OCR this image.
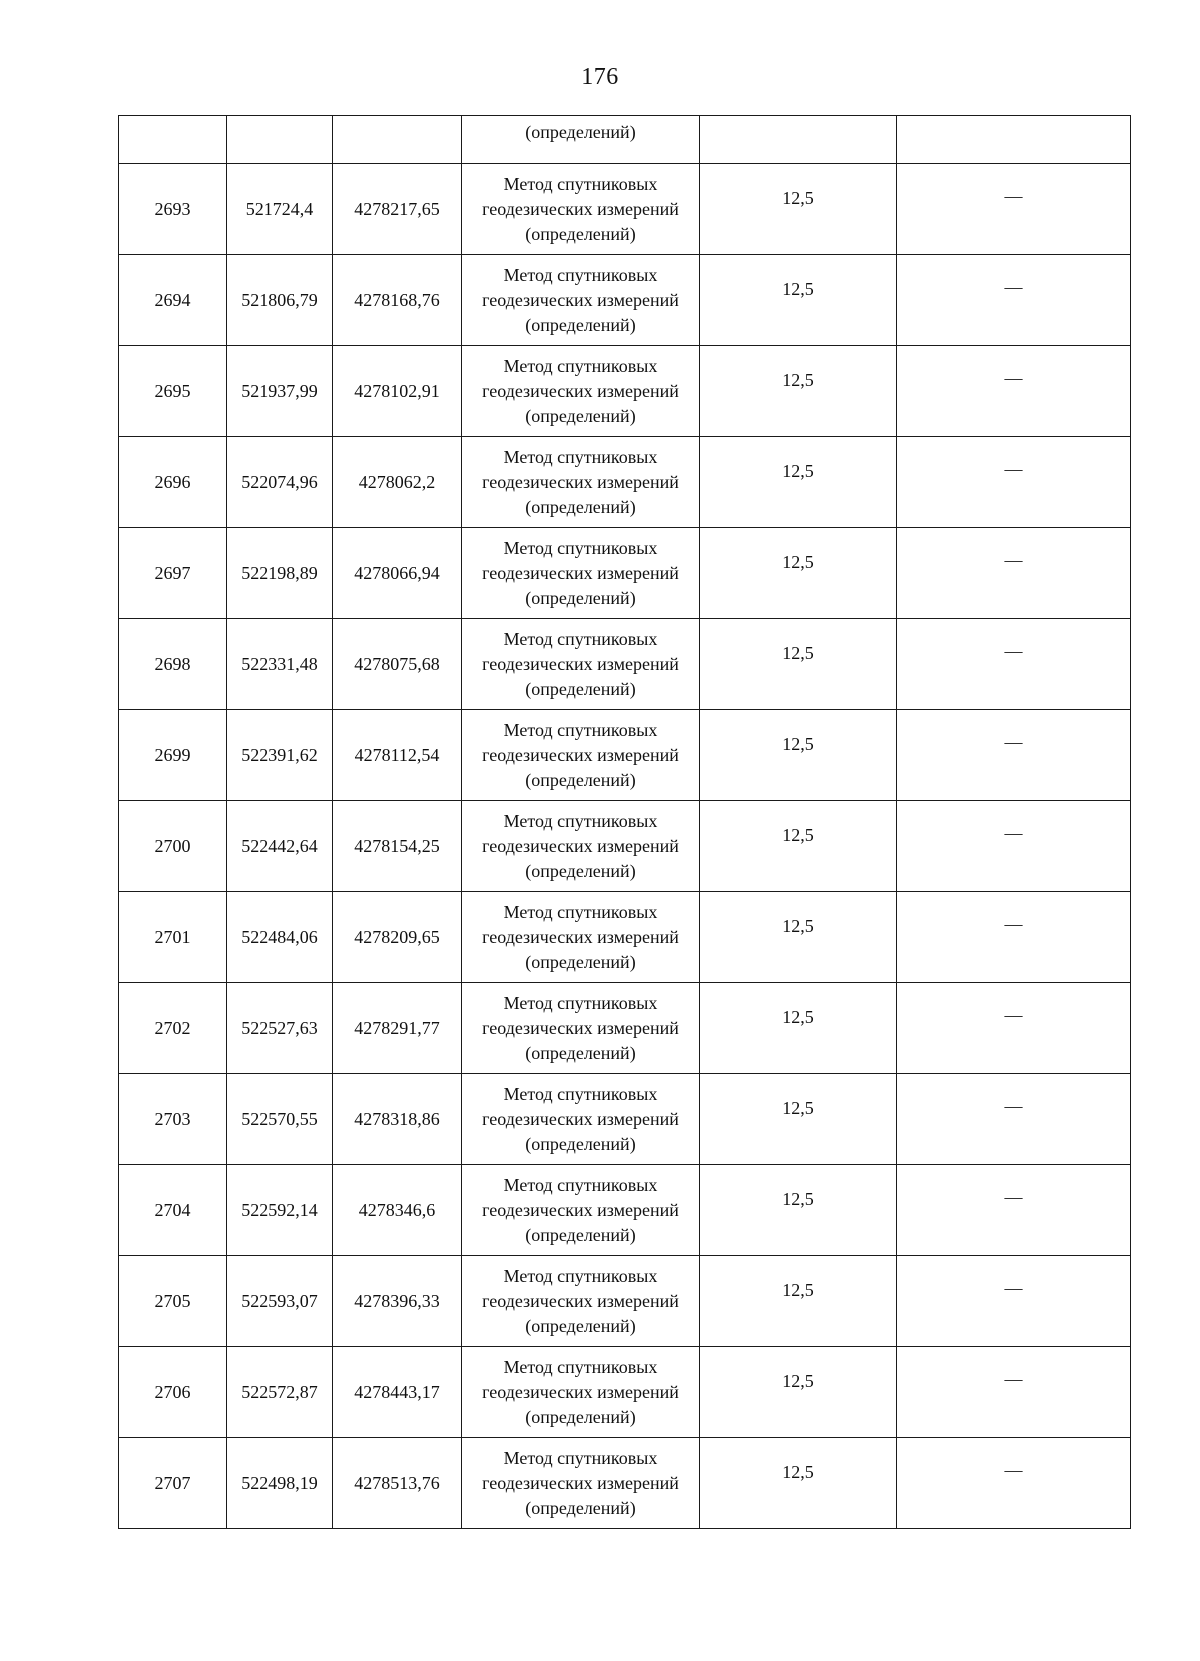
176

			(определений)		

2693	521724,4	4278217,65	Метод спутниковых
геодезических измерений
(определений)	12,5	—

2694	521806,79	4278168,76	Метод спутниковых
геодезических измерений
(определений)	12,5	—

2695	521937,99	4278102,91	Метод спутниковых
геодезических измерений
(определений)	12,5	—

2696	522074,96	4278062,2	Метод спутниковых
геодезических измерений
(определений)	12,5	—

2697	522198,89	4278066,94	Метод спутниковых
геодезических измерений
(определений)	12,5	—

2698	522331,48	4278075,68	Метод спутниковых
геодезических измерений
(определений)	12,5	—

2699	522391,62	4278112,54	Метод спутниковых
геодезических измерений
(определений)	12,5	—

2700	522442,64	4278154,25	Метод спутниковых
геодезических измерений
(определений)	12,5	—

2701	522484,06	4278209,65	Метод спутниковых
геодезических измерений
(определений)	12,5	—

2702	522527,63	4278291,77	Метод спутниковых
геодезических измерений
(определений)	12,5	—

2703	522570,55	4278318,86	Метод спутниковых
геодезических измерений
(определений)	12,5	—

2704	522592,14	4278346,6	Метод спутниковых
геодезических измерений
(определений)	12,5	—

2705	522593,07	4278396,33	Метод спутниковых
геодезических измерений
(определений)	12,5	—

2706	522572,87	4278443,17	Метод спутниковых
геодезических измерений
(определений)	12,5	—

2707	522498,19	4278513,76	Метод спутниковых
геодезических измерений
(определений)	12,5	—
